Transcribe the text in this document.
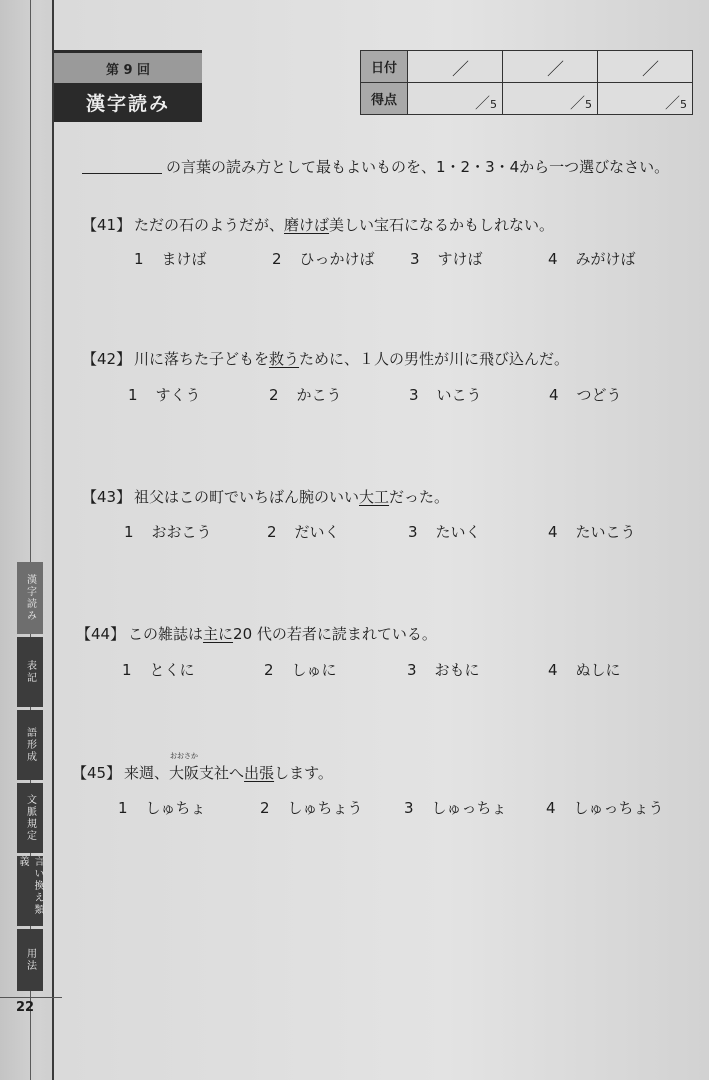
第 9 回
漢字読み
日付	／	／	／

得点	／5	／5	／5
の言葉の読み方として最もよいものを、1・2・3・4から一つ選びなさい。
【41】 ただの石のようだが、磨けば美しい宝石になるかもしれない。
1 まけば	2 ひっかけば 3 すけば	4 みがけば
【42】 川に落ちた子どもを救うために、１人の男性が川に飛び込んだ。
1 すくう	2 かこう	3 いこう	4 つどう
【43】 祖父はこの町でいちばん腕のいい大工だった。
1 おおこう	2 だいく	3 たいく	4 たいこう
【44】 この雑誌は主に20 代の若者に読まれている。
1 とくに	2 しゅに	3 おもに	4 ぬしに
【45】 来週、
おおさか
大阪支社へ出張します。
1 しゅちょ	2 しゅちょう	3 しゅっちょ	4 しゅっちょう
漢字読み
表記
語形成
文脈規定
言い換え類義
用法
22
